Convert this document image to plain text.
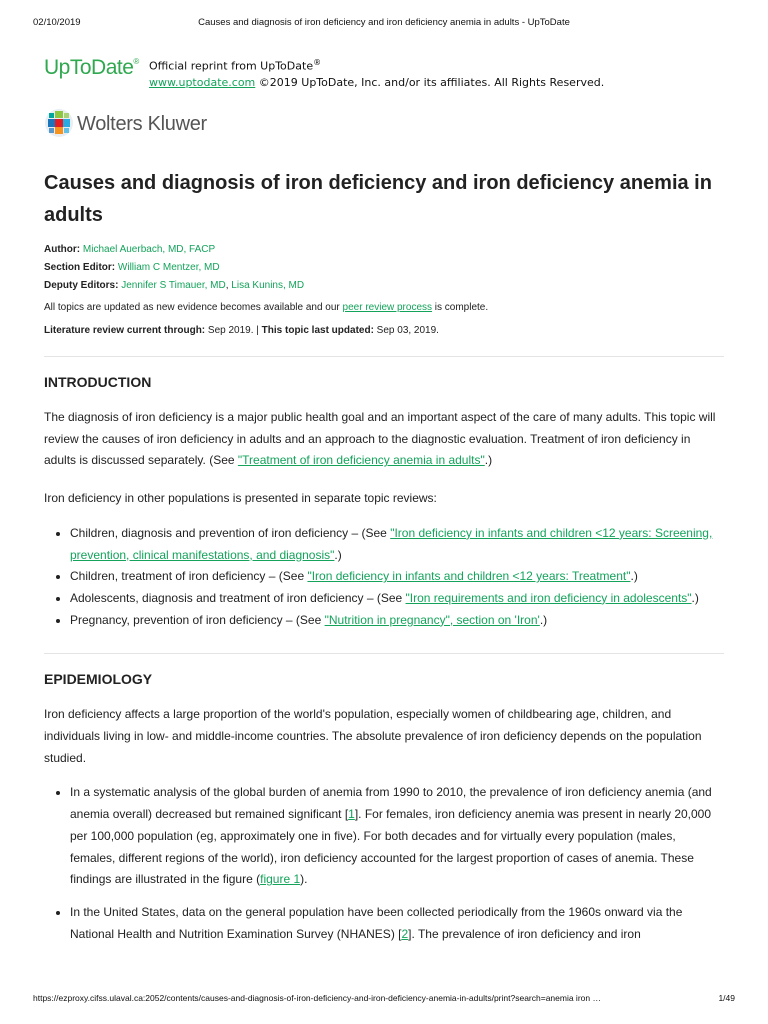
02/10/2019	Causes and diagnosis of iron deficiency and iron deficiency anemia in adults - UpToDate
UpToDate® Official reprint from UpToDate®
www.uptodate.com ©2019 UpToDate, Inc. and/or its affiliates. All Rights Reserved.
Wolters Kluwer
Causes and diagnosis of iron deficiency and iron deficiency anemia in adults
Author: Michael Auerbach, MD, FACP
Section Editor: William C Mentzer, MD
Deputy Editors: Jennifer S Timauer, MD, Lisa Kunins, MD
All topics are updated as new evidence becomes available and our peer review process is complete.
Literature review current through: Sep 2019. | This topic last updated: Sep 03, 2019.
INTRODUCTION

The diagnosis of iron deficiency is a major public health goal and an important aspect of the care of many adults. This topic will review the causes of iron deficiency in adults and an approach to the diagnostic evaluation. Treatment of iron deficiency in adults is discussed separately. (See "Treatment of iron deficiency anemia in adults".)

Iron deficiency in other populations is presented in separate topic reviews:

• Children, diagnosis and prevention of iron deficiency – (See "Iron deficiency in infants and children <12 years: Screening, prevention, clinical manifestations, and diagnosis".)
• Children, treatment of iron deficiency – (See "Iron deficiency in infants and children <12 years: Treatment".)
• Adolescents, diagnosis and treatment of iron deficiency – (See "Iron requirements and iron deficiency in adolescents".)
• Pregnancy, prevention of iron deficiency – (See "Nutrition in pregnancy", section on 'Iron'.)
EPIDEMIOLOGY

Iron deficiency affects a large proportion of the world's population, especially women of childbearing age, children, and individuals living in low- and middle-income countries. The absolute prevalence of iron deficiency depends on the population studied.

• In a systematic analysis of the global burden of anemia from 1990 to 2010, the prevalence of iron deficiency anemia (and anemia overall) decreased but remained significant [1]. For females, iron deficiency anemia was present in nearly 20,000 per 100,000 population (eg, approximately one in five). For both decades and for virtually every population (males, females, different regions of the world), iron deficiency accounted for the largest proportion of cases of anemia. These findings are illustrated in the figure (figure 1).
• In the United States, data on the general population have been collected periodically from the 1960s onward via the National Health and Nutrition Examination Survey (NHANES) [2]. The prevalence of iron deficiency and iron
https://ezproxy.cifss.ulaval.ca:2052/contents/causes-and-diagnosis-of-iron-deficiency-and-iron-deficiency-anemia-in-adults/print?search=anemia iron …	1/49
